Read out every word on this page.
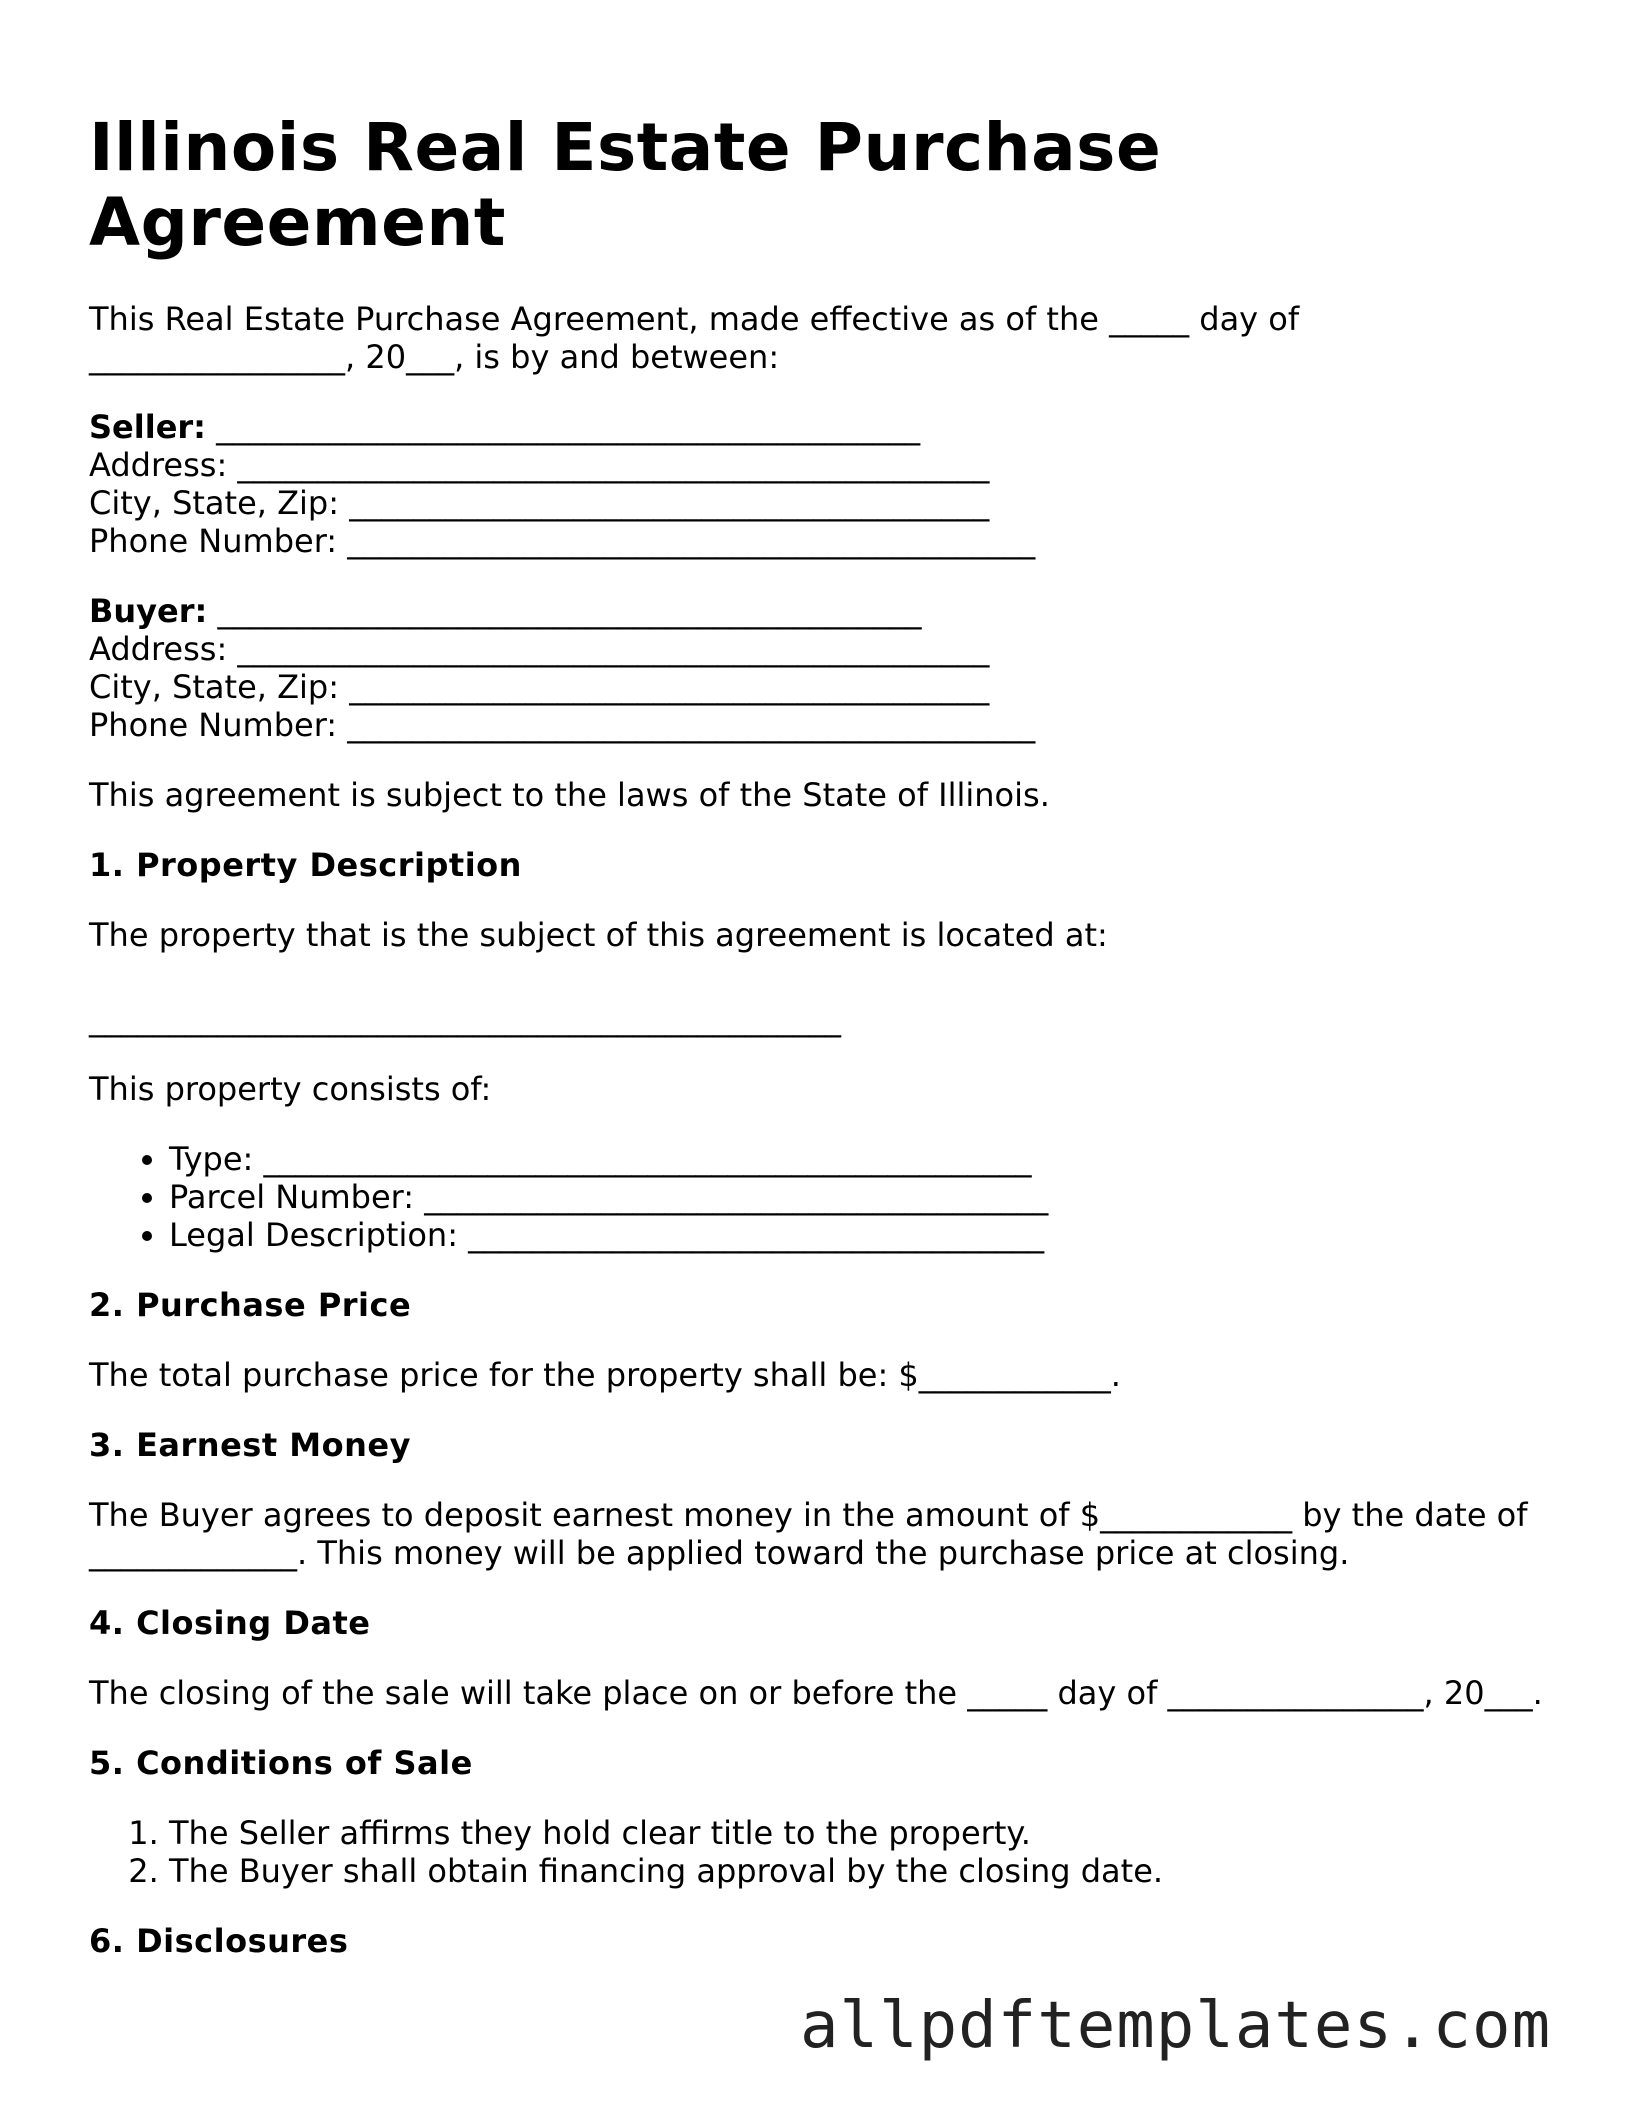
Illinois Real Estate Purchase Agreement

This Real Estate Purchase Agreement, made effective as of the _____ day of ________________, 20___, is by and between:

Seller: ____________________________________________
Address: _______________________________________________
City, State, Zip: ________________________________________
Phone Number: ___________________________________________
Buyer: ____________________________________________
Address: _______________________________________________
City, State, Zip: ________________________________________
Phone Number: ___________________________________________

This agreement is subject to the laws of the State of Illinois.

1. Property Description

The property that is the subject of this agreement is located at:

_______________________________________________

This property consists of:

• Type: ________________________________________________
• Parcel Number: _______________________________________
• Legal Description: ____________________________________
2. Purchase Price

The total purchase price for the property shall be: $____________.

3. Earnest Money

The Buyer agrees to deposit earnest money in the amount of $____________ by the date of _____________. This money will be applied toward the purchase price at closing.

4. Closing Date

The closing of the sale will take place on or before the _____ day of ________________, 20___.

5. Conditions of Sale
1. The Seller affirms they hold clear title to the property.
2. The Buyer shall obtain financing approval by the closing date.
6. Disclosures
allpdftemplates.com
